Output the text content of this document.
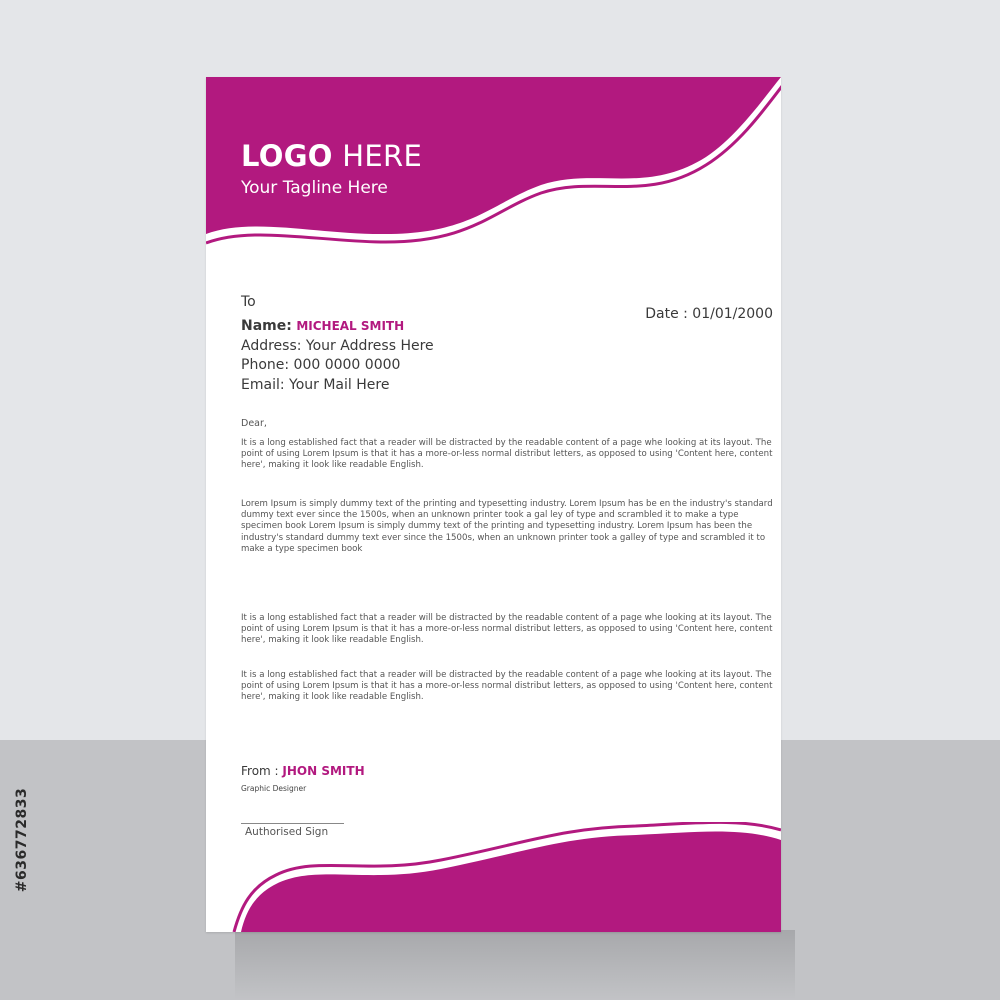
LOGO HERE
Your Tagline Here
To
Date : 01/01/2000
Name: MICHEAL SMITH
Address: Your Address Here
Phone: 000 0000 0000
Email: Your Mail Here
Dear,
It is a long established fact that a reader will be distracted by the readable content of a page whe looking at its layout. The point of using Lorem Ipsum is that it has a more-or-less normal distribut letters, as opposed to using 'Content here, content here', making it look like readable English.
Lorem Ipsum is simply dummy text of the printing and typesetting industry. Lorem Ipsum has be en the industry's standard dummy text ever since the 1500s, when an unknown printer took a gal ley of type and scrambled it to make a type specimen book Lorem Ipsum is simply dummy text of the printing and typesetting industry. Lorem Ipsum has been the industry's standard dummy text ever since the 1500s, when an unknown printer took a galley of type and scrambled it to make a type specimen book
It is a long established fact that a reader will be distracted by the readable content of a page whe looking at its layout. The point of using Lorem Ipsum is that it has a more-or-less normal distribut letters, as opposed to using 'Content here, content here', making it look like readable English.
It is a long established fact that a reader will be distracted by the readable content of a page whe looking at its layout. The point of using Lorem Ipsum is that it has a more-or-less normal distribut letters, as opposed to using 'Content here, content here', making it look like readable English.
From : JHON SMITH
Graphic Designer
Authorised Sign
#636772833
